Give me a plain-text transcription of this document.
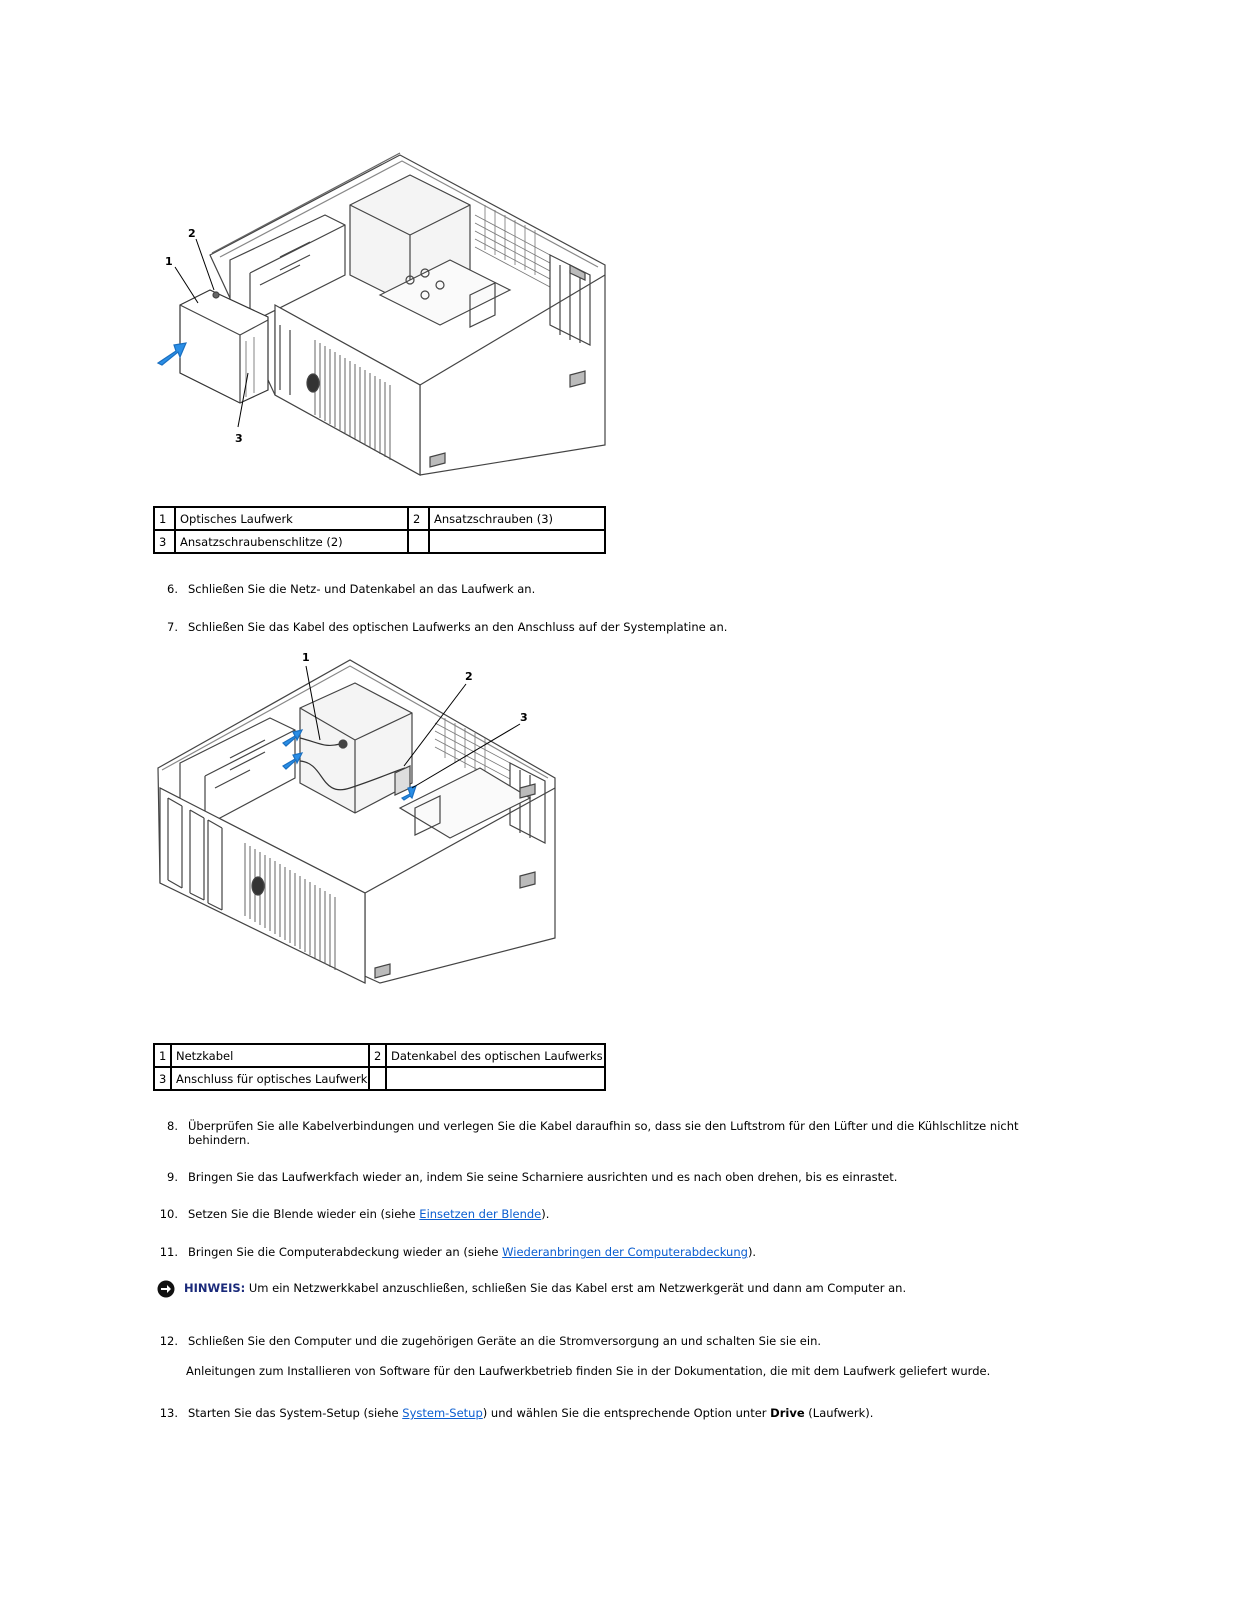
1
2
3
1	Optisches Laufwerk	2	Ansatzschrauben (3)
3	Ansatzschraubenschlitze (2)		
6. Schließen Sie die Netz- und Datenkabel an das Laufwerk an.
7. Schließen Sie das Kabel des optischen Laufwerks an den Anschluss auf der Systemplatine an.
1
2
3
1	Netzkabel	2	Datenkabel des optischen Laufwerks
3	Anschluss für optisches Laufwerk		
8. Überprüfen Sie alle Kabelverbindungen und verlegen Sie die Kabel daraufhin so, dass sie den Luftstrom für den Lüfter und die Kühlschlitze nicht behindern.
9. Bringen Sie das Laufwerkfach wieder an, indem Sie seine Scharniere ausrichten und es nach oben drehen, bis es einrastet.
10. Setzen Sie die Blende wieder ein (siehe Einsetzen der Blende).
11. Bringen Sie die Computerabdeckung wieder an (siehe Wiederanbringen der Computerabdeckung).
HINWEIS: Um ein Netzwerkkabel anzuschließen, schließen Sie das Kabel erst am Netzwerkgerät und dann am Computer an.
12. Schließen Sie den Computer und die zugehörigen Geräte an die Stromversorgung an und schalten Sie sie ein.
Anleitungen zum Installieren von Software für den Laufwerkbetrieb finden Sie in der Dokumentation, die mit dem Laufwerk geliefert wurde.
13. Starten Sie das System-Setup (siehe System-Setup) und wählen Sie die entsprechende Option unter Drive (Laufwerk).
